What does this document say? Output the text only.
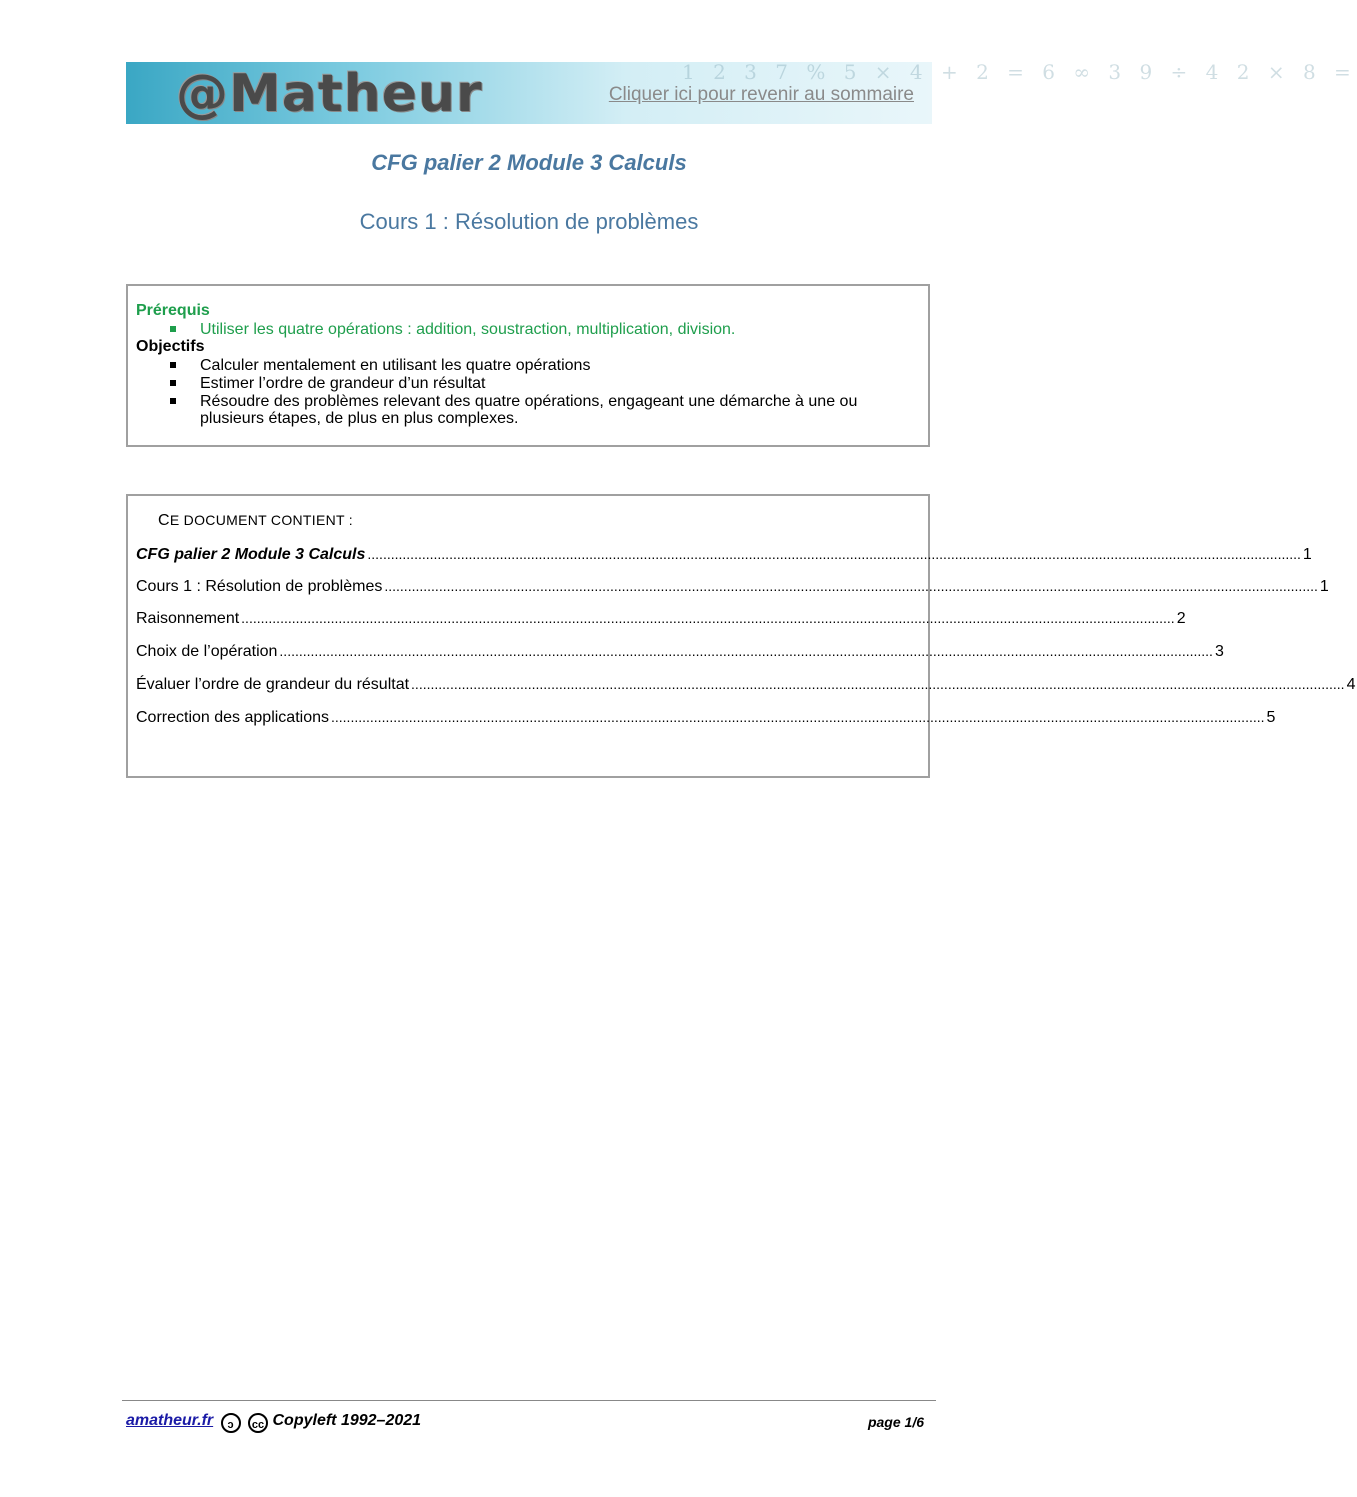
1 2 3 7 % 5 × 4 + 2 = 6 ∞ 3 9 ÷ 4 2 × 8 =
@Matheur	Cliquer ici pour revenir au sommaire
CFG palier 2 Module 3 Calculs
Cours 1 : Résolution de problèmes
Prérequis
Utiliser les quatre opérations : addition, soustraction, multiplication, division.
Objectifs
Calculer mentalement en utilisant les quatre opérations
Estimer l’ordre de grandeur d’un résultat
Résoudre des problèmes relevant des quatre opérations, engageant une démarche à une ou plusieurs étapes, de plus en plus complexes.
CE DOCUMENT CONTIENT :
CFG palier 2 Module 3 Calculs .....	1
Cours 1 : Résolution de problèmes .....	1
Raisonnement .....	2
Choix de l’opération .....	3
Évaluer l’ordre de grandeur du résultat .....	4
Correction des applications .....	5
amatheur.fr ↄ cc Copyleft 1992–2021	page 1/6
